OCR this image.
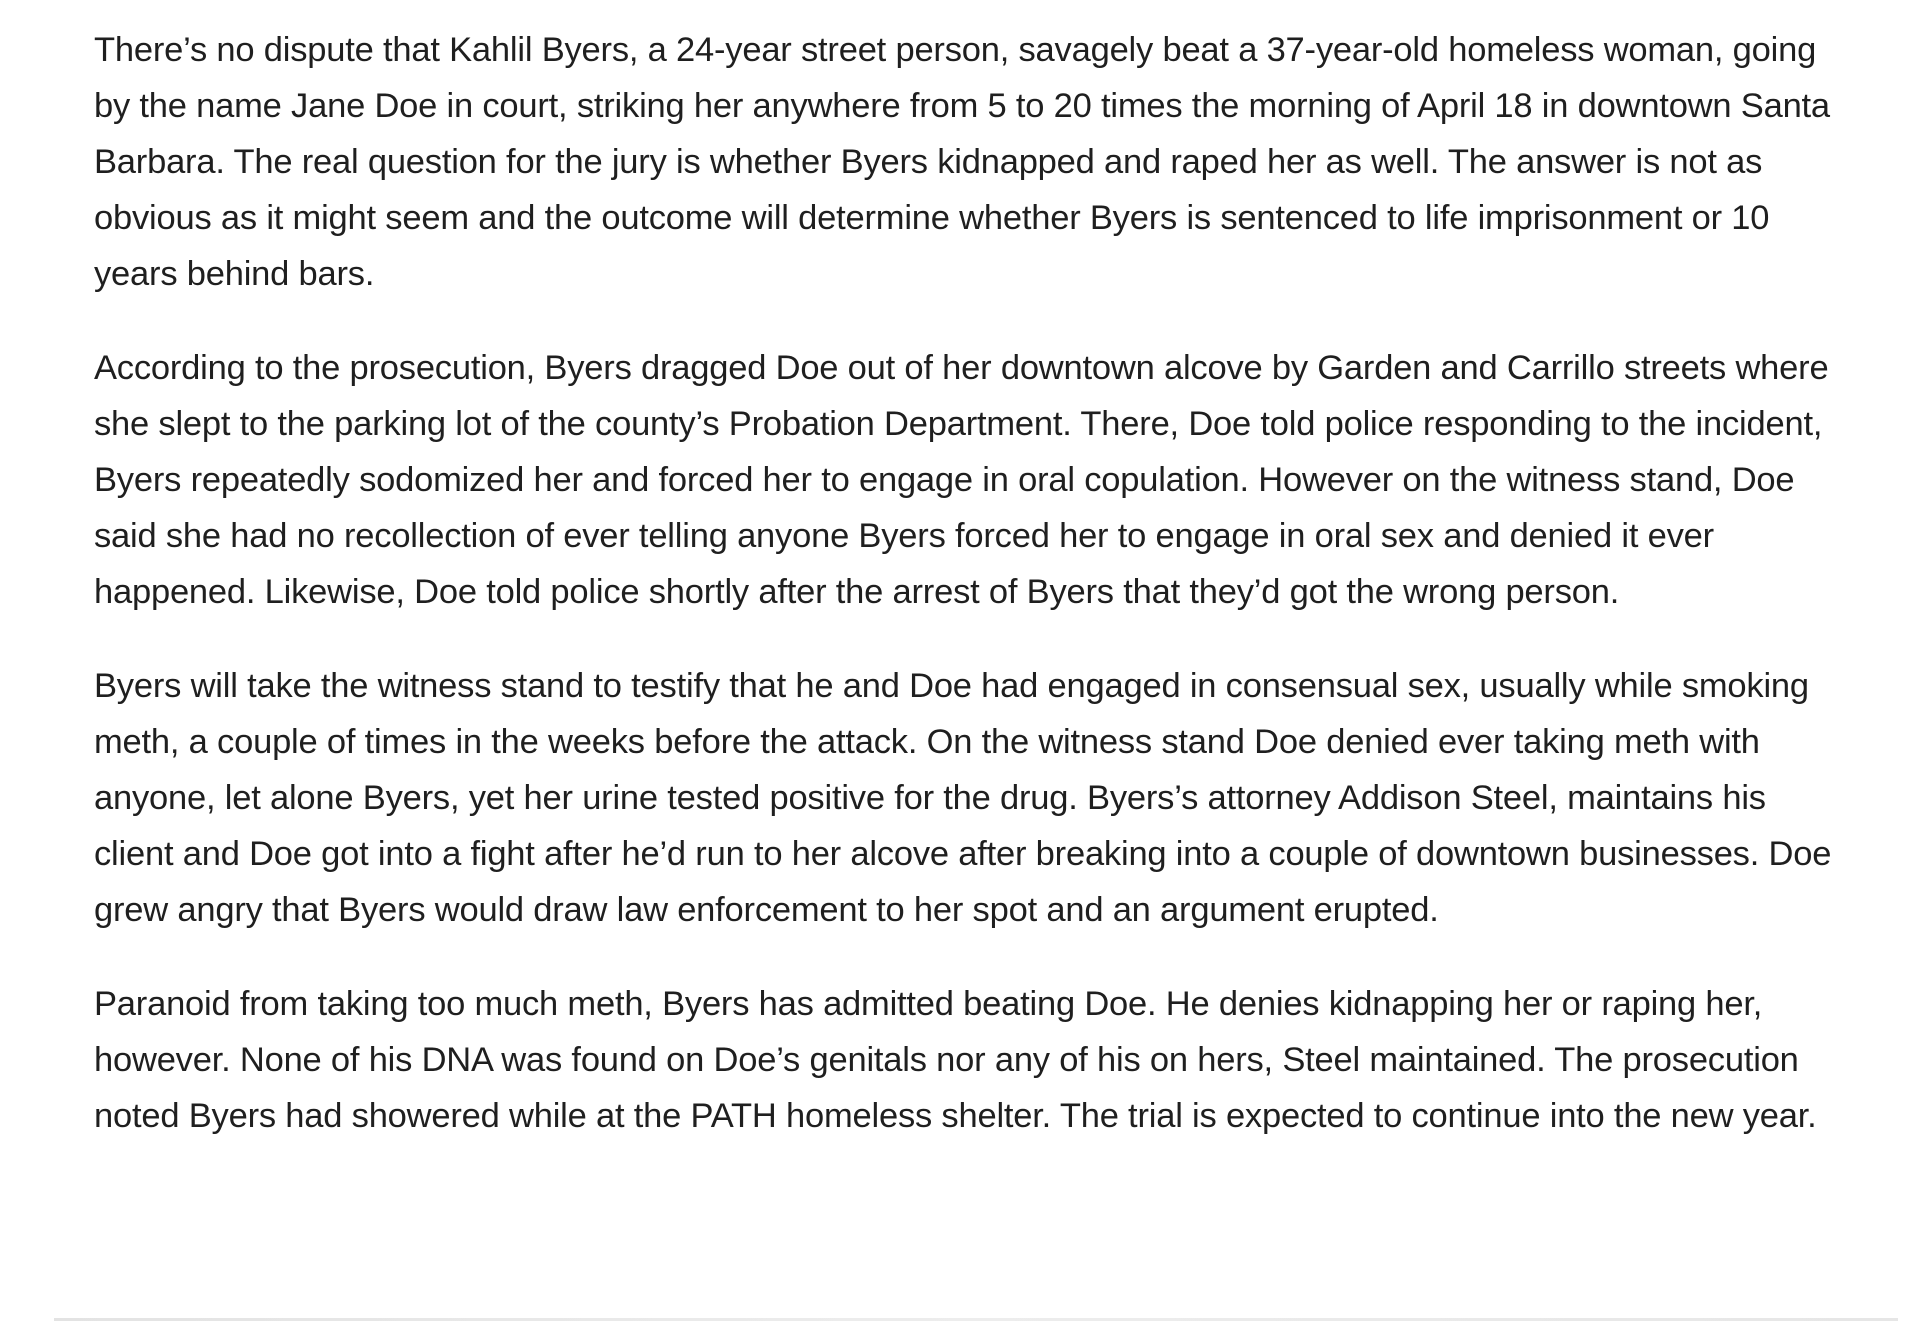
There’s no dispute that Kahlil Byers, a 24-year street person, savagely beat a 37-year-old homeless woman, going by the name Jane Doe in court, striking her anywhere from 5 to 20 times the morning of April 18 in downtown Santa Barbara. The real question for the jury is whether Byers kidnapped and raped her as well. The answer is not as obvious as it might seem and the outcome will determine whether Byers is sentenced to life imprisonment or 10 years behind bars.

According to the prosecution, Byers dragged Doe out of her downtown alcove by Garden and Carrillo streets where she slept to the parking lot of the county’s Probation Department. There, Doe told police responding to the incident, Byers repeatedly sodomized her and forced her to engage in oral copulation. However on the witness stand, Doe said she had no recollection of ever telling anyone Byers forced her to engage in oral sex and denied it ever happened. Likewise, Doe told police shortly after the arrest of Byers that they’d got the wrong person.

Byers will take the witness stand to testify that he and Doe had engaged in consensual sex, usually while smoking meth, a couple of times in the weeks before the attack. On the witness stand Doe denied ever taking meth with anyone, let alone Byers, yet her urine tested positive for the drug. Byers’s attorney Addison Steel, maintains his client and Doe got into a fight after he’d run to her alcove after breaking into a couple of downtown businesses. Doe grew angry that Byers would draw law enforcement to her spot and an argument erupted.

Paranoid from taking too much meth, Byers has admitted beating Doe. He denies kidnapping her or raping her, however. None of his DNA was found on Doe’s genitals nor any of his on hers, Steel maintained. The prosecution noted Byers had showered while at the PATH homeless shelter. The trial is expected to continue into the new year.
